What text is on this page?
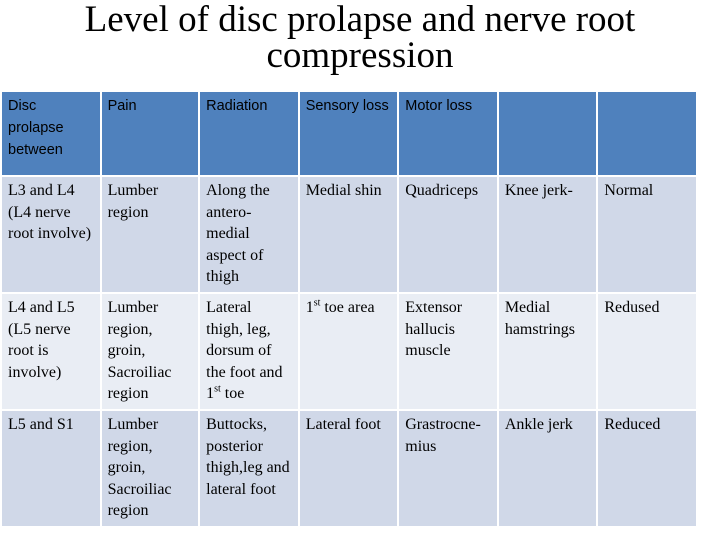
Level of disc prolapse and nerve root
compression
Disc prolapse between	Pain	Radiation	Sensory loss	Motor loss		
L3 and L4 (L4 nerve root involve)	Lumber region	Along the antero-medial aspect of thigh	Medial shin	Quadriceps	Knee jerk-	Normal
L4 and L5 (L5 nerve root is involve)	Lumber region, groin, Sacroiliac region	Lateral thigh, leg, dorsum of the foot and 1st toe	1st toe area	Extensor hallucis muscle	Medial hamstrings	Redused
L5 and S1	Lumber region, groin, Sacroiliac region	Buttocks, posterior thigh,leg and lateral foot	Lateral foot	Grastrocne-mius	Ankle jerk	Reduced
